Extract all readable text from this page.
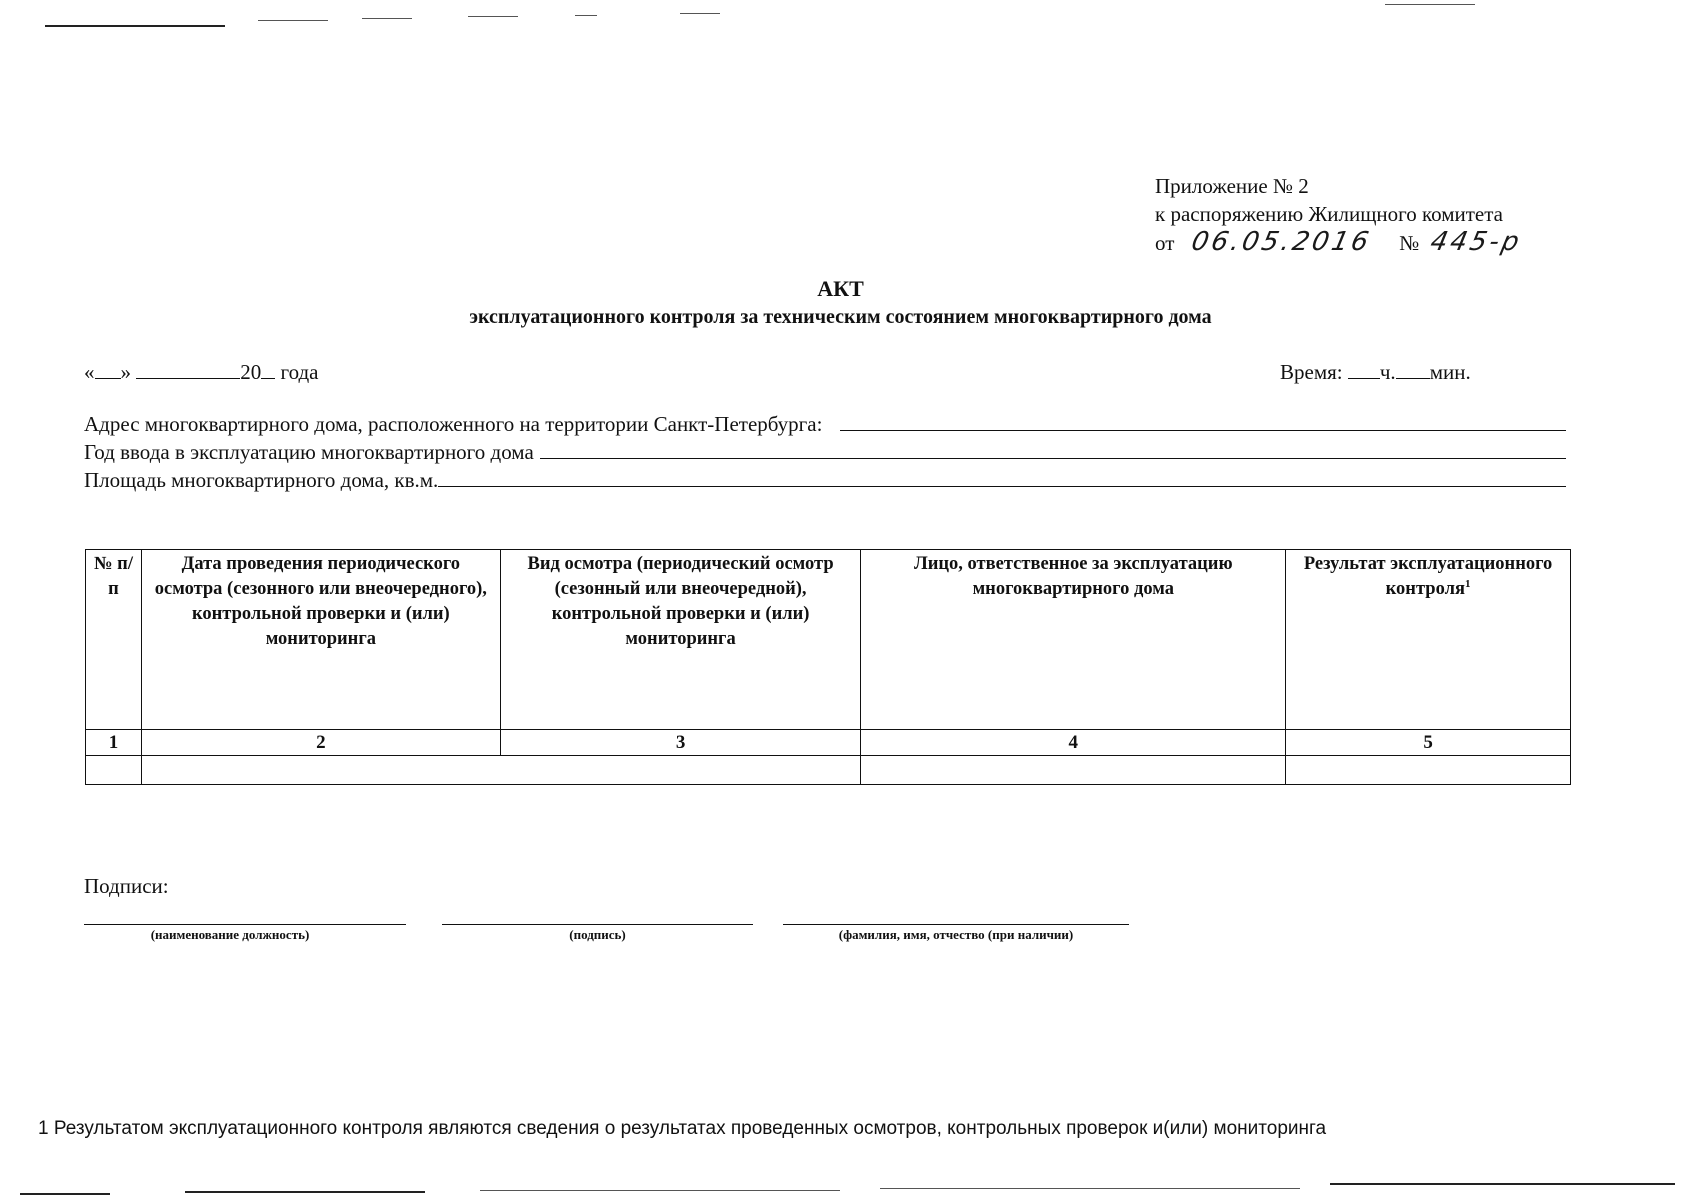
Приложение № 2
к распоряжению Жилищного комитета
от 06.05.2016 № 445-р
АКТ
эксплуатационного контроля за техническим состоянием многоквартирного дома
« »	20 года	Время: ч. мин.
Адрес многоквартирного дома, расположенного на территории Санкт-Петербурга:
Год ввода в эксплуатацию многоквартирного дома
Площадь многоквартирного дома, кв.м.
№ п/п	Дата проведения периодического осмотра (сезонного или внеочередного), контрольной проверки и (или) мониторинга	Вид осмотра (периодический осмотр (сезонный или внеочередной), контрольной проверки и (или) мониторинга	Лицо, ответственное за эксплуатацию многоквартирного дома	Результат эксплуатационного контроля$^1$
1	2	3	4	5

Подписи:
(наименование должность)	(подпись)	(фамилия, имя, отчество (при наличии)
1 Результатом эксплуатационного контроля являются сведения о результатах проведенных осмотров, контрольных проверок и(или) мониторинга
